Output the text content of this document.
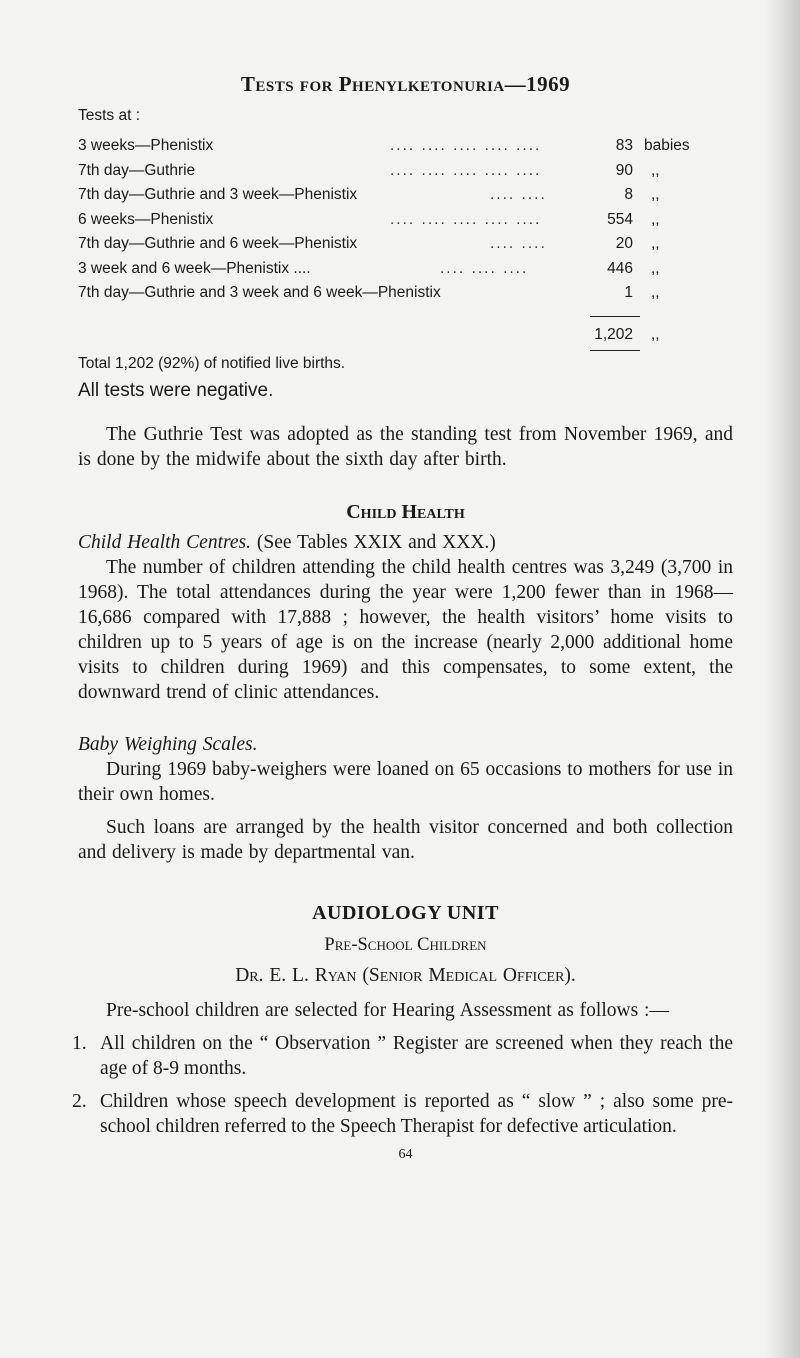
Tests for Phenylketonuria—1969
Tests at :
3 weeks—Phenistix	.... .... .... .... ....	83 babies
7th day—Guthrie	.... .... .... .... ....	90 ,,
7th day—Guthrie and 3 week—Phenistix	.... ....	8 ,,
6 weeks—Phenistix	.... .... .... .... ....	554 ,,
7th day—Guthrie and 6 week—Phenistix	.... ....	20 ,,
3 week and 6 week—Phenistix ....	.... .... ....	446 ,,
7th day—Guthrie and 3 week and 6 week—Phenistix	1 ,,
1,202 ,,

Total 1,202 (92%) of notified live births.

All tests were negative.

The Guthrie Test was adopted as the standing test from November 1969, and is done by the midwife about the sixth day after birth.

Child Health

Child Health Centres. (See Tables XXIX and XXX.)

The number of children attending the child health centres was 3,249 (3,700 in 1968). The total attendances during the year were 1,200 fewer than in 1968—16,686 compared with 17,888 ; however, the health visitors’ home visits to children up to 5 years of age is on the increase (nearly 2,000 additional home visits to children during 1969) and this compensates, to some extent, the downward trend of clinic attendances.

Baby Weighing Scales.

During 1969 baby-weighers were loaned on 65 occasions to mothers for use in their own homes.

Such loans are arranged by the health visitor concerned and both collection and delivery is made by departmental van.

AUDIOLOGY UNIT
Pre-School Children

Dr. E. L. Ryan (Senior Medical Officer).

Pre-school children are selected for Hearing Assessment as follows :—

1. All children on the “ Observation ” Register are screened when they reach the age of 8-9 months.
2. Children whose speech development is reported as “ slow ” ; also some pre-school children referred to the Speech Therapist for defective articulation.
64
